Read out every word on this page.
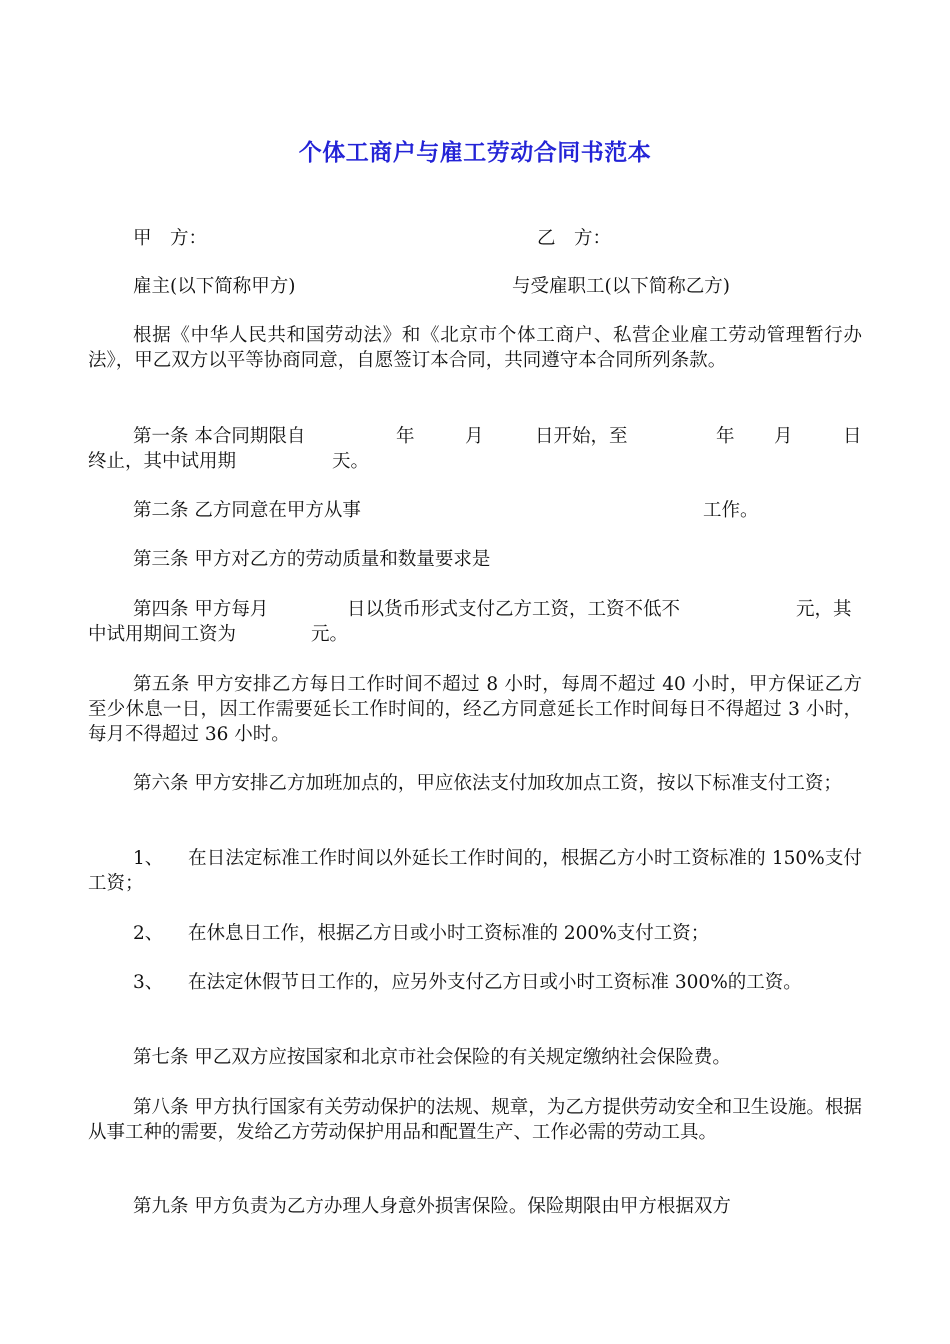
个体工商户与雇工劳动合同书范本
甲　方：	乙　方：
雇主(以下简称甲方)	与受雇职工(以下简称乙方)
根据《中华人民共和国劳动法》和《北京市个体工商户、私营企业雇工劳动管理暂行办法》，甲乙双方以平等协商同意，自愿签订本合同，共同遵守本合同所列条款。
第一条 本合同期限自	年	月	日开始，至	年 月	日
终止，其中试用期	天。
第二条 乙方同意在甲方从事	工作。
第三条 甲方对乙方的劳动质量和数量要求是
第四条 甲方每月	日以货币形式支付乙方工资，工资不低不	元，其
中试用期间工资为	元。
第五条 甲方安排乙方每日工作时间不超过 8 小时，每周不超过 40 小时，甲方保证乙方至少休息一日，因工作需要延长工作时间的，经乙方同意延长工作时间每日不得超过 3 小时，每月不得超过 36 小时。
第六条 甲方安排乙方加班加点的，甲应依法支付加玫加点工资，按以下标准支付工资；
1、 在日法定标准工作时间以外延长工作时间的，根据乙方小时工资标准的 150%支付工资；
2、 在休息日工作，根据乙方日或小时工资标准的 200%支付工资；
3、 在法定休假节日工作的，应另外支付乙方日或小时工资标准 300%的工资。
第七条 甲乙双方应按国家和北京市社会保险的有关规定缴纳社会保险费。
第八条 甲方执行国家有关劳动保护的法规、规章，为乙方提供劳动安全和卫生设施。根据从事工种的需要，发给乙方劳动保护用品和配置生产、工作必需的劳动工具。
第九条 甲方负责为乙方办理人身意外损害保险。保险期限由甲方根据双方
